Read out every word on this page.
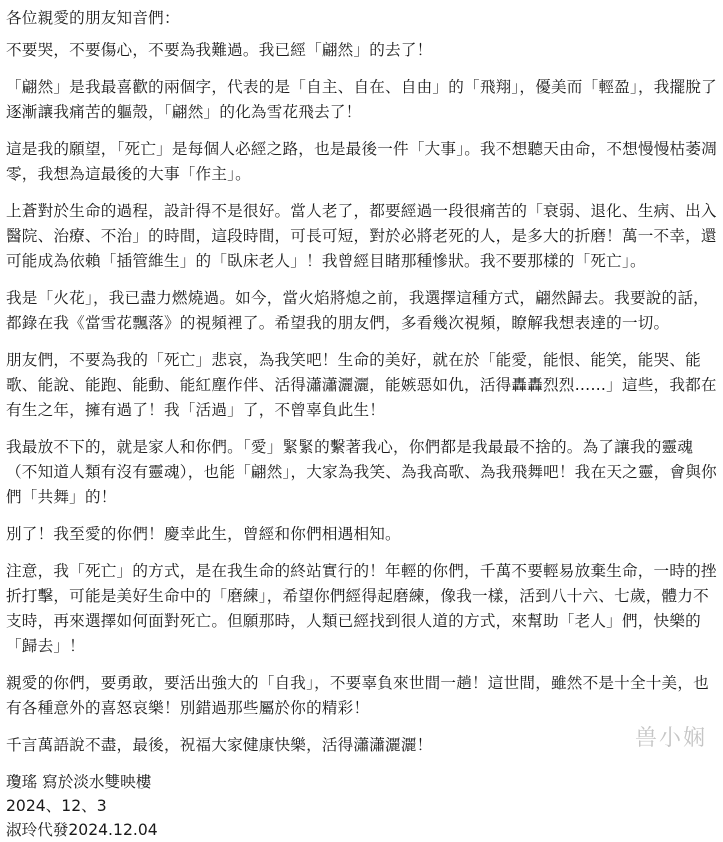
各位親愛的朋友知音們：

不要哭，不要傷心，不要為我難過。我已經「翩然」的去了！

「翩然」是我最喜歡的兩個字，代表的是「自主、自在、自由」的「飛翔」，優美而「輕盈」，我擺脫了逐漸讓我痛苦的軀殼，「翩然」的化為雪花飛去了！

這是我的願望，「死亡」是每個人必經之路，也是最後一件「大事」。我不想聽天由命，不想慢慢枯萎凋零，我想為這最後的大事「作主」。

上蒼對於生命的過程，設計得不是很好。當人老了，都要經過一段很痛苦的「衰弱、退化、生病、出入醫院、治療、不治」的時間，這段時間，可長可短，對於必將老死的人，是多大的折磨！萬一不幸，還可能成為依賴「插管維生」的「臥床老人」！我曾經目睹那種慘狀。我不要那樣的「死亡」。

我是「火花」，我已盡力燃燒過。如今，當火焰將熄之前，我選擇這種方式，翩然歸去。我要說的話，都錄在我《當雪花飄落》的視頻裡了。希望我的朋友們，多看幾次視頻，瞭解我想表達的一切。

朋友們，不要為我的「死亡」悲哀，為我笑吧！生命的美好，就在於「能愛，能恨、能笑，能哭、能歌、能說、能跑、能動、能紅塵作伴、活得瀟瀟灑灑，能嫉惡如仇，活得轟轟烈烈……」這些，我都在有生之年，擁有過了！我「活過」了，不曾辜負此生！

我最放不下的，就是家人和你們。「愛」緊緊的繫著我心，你們都是我最最不捨的。為了讓我的靈魂（不知道人類有沒有靈魂），也能「翩然」，大家為我笑、為我高歌、為我飛舞吧！我在天之靈，會與你們「共舞」的！

別了！我至愛的你們！慶幸此生，曾經和你們相遇相知。

注意，我「死亡」的方式，是在我生命的終站實行的！年輕的你們，千萬不要輕易放棄生命，一時的挫折打擊，可能是美好生命中的「磨練」，希望你們經得起磨練，像我一樣，活到八十六、七歲，體力不支時，再來選擇如何面對死亡。但願那時，人類已經找到很人道的方式，來幫助「老人」們，快樂的「歸去」！

親愛的你們，要勇敢，要活出強大的「自我」，不要辜負來世間一趟！這世間，雖然不是十全十美，也有各種意外的喜怒哀樂！別錯過那些屬於你的精彩！

千言萬語說不盡，最後，祝福大家健康快樂，活得瀟瀟灑灑！

瓊瑤 寫於淡水雙映樓

2024、12、3

淑玲代發2024.12.04

兽小娴
